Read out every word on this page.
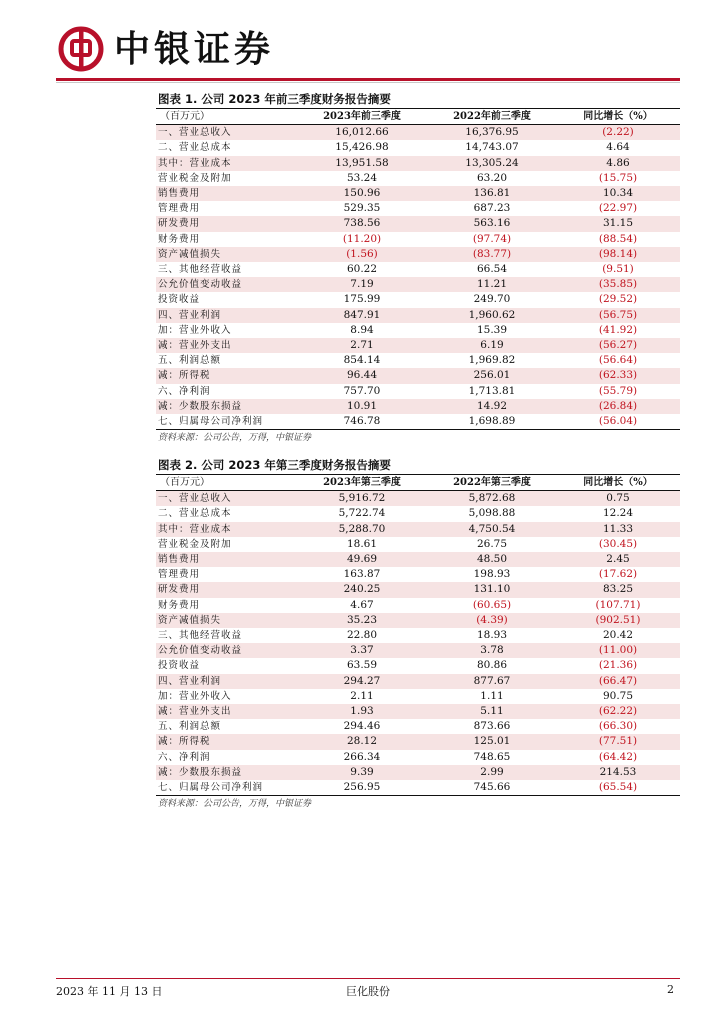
中银证券
图表 1. 公司 2023 年前三季度财务报告摘要
（百万元）	2023年前三季度	2022年前三季度	同比增长（%）
一、营业总收入	16,012.66	16,376.95	(2.22)
二、营业总成本	15,426.98	14,743.07	4.64
其中：营业成本	13,951.58	13,305.24	4.86
营业税金及附加	53.24	63.20	(15.75)
销售费用	150.96	136.81	10.34
管理费用	529.35	687.23	(22.97)
研发费用	738.56	563.16	31.15
财务费用	(11.20)	(97.74)	(88.54)
资产减值损失	(1.56)	(83.77)	(98.14)
三、其他经营收益	60.22	66.54	(9.51)
公允价值变动收益	7.19	11.21	(35.85)
投资收益	175.99	249.70	(29.52)
四、营业利润	847.91	1,960.62	(56.75)
加：营业外收入	8.94	15.39	(41.92)
减：营业外支出	2.71	6.19	(56.27)
五、利润总额	854.14	1,969.82	(56.64)
减：所得税	96.44	256.01	(62.33)
六、净利润	757.70	1,713.81	(55.79)
减：少数股东损益	10.91	14.92	(26.84)
七、归属母公司净利润	746.78	1,698.89	(56.04)
资料来源：公司公告，万得，中银证券
图表 2. 公司 2023 年第三季度财务报告摘要
（百万元）	2023年第三季度	2022年第三季度	同比增长（%）
一、营业总收入	5,916.72	5,872.68	0.75
二、营业总成本	5,722.74	5,098.88	12.24
其中：营业成本	5,288.70	4,750.54	11.33
营业税金及附加	18.61	26.75	(30.45)
销售费用	49.69	48.50	2.45
管理费用	163.87	198.93	(17.62)
研发费用	240.25	131.10	83.25
财务费用	4.67	(60.65)	(107.71)
资产减值损失	35.23	(4.39)	(902.51)
三、其他经营收益	22.80	18.93	20.42
公允价值变动收益	3.37	3.78	(11.00)
投资收益	63.59	80.86	(21.36)
四、营业利润	294.27	877.67	(66.47)
加：营业外收入	2.11	1.11	90.75
减：营业外支出	1.93	5.11	(62.22)
五、利润总额	294.46	873.66	(66.30)
减：所得税	28.12	125.01	(77.51)
六、净利润	266.34	748.65	(64.42)
减：少数股东损益	9.39	2.99	214.53
七、归属母公司净利润	256.95	745.66	(65.54)
资料来源：公司公告，万得，中银证券
2023 年 11 月 13 日	巨化股份	2
